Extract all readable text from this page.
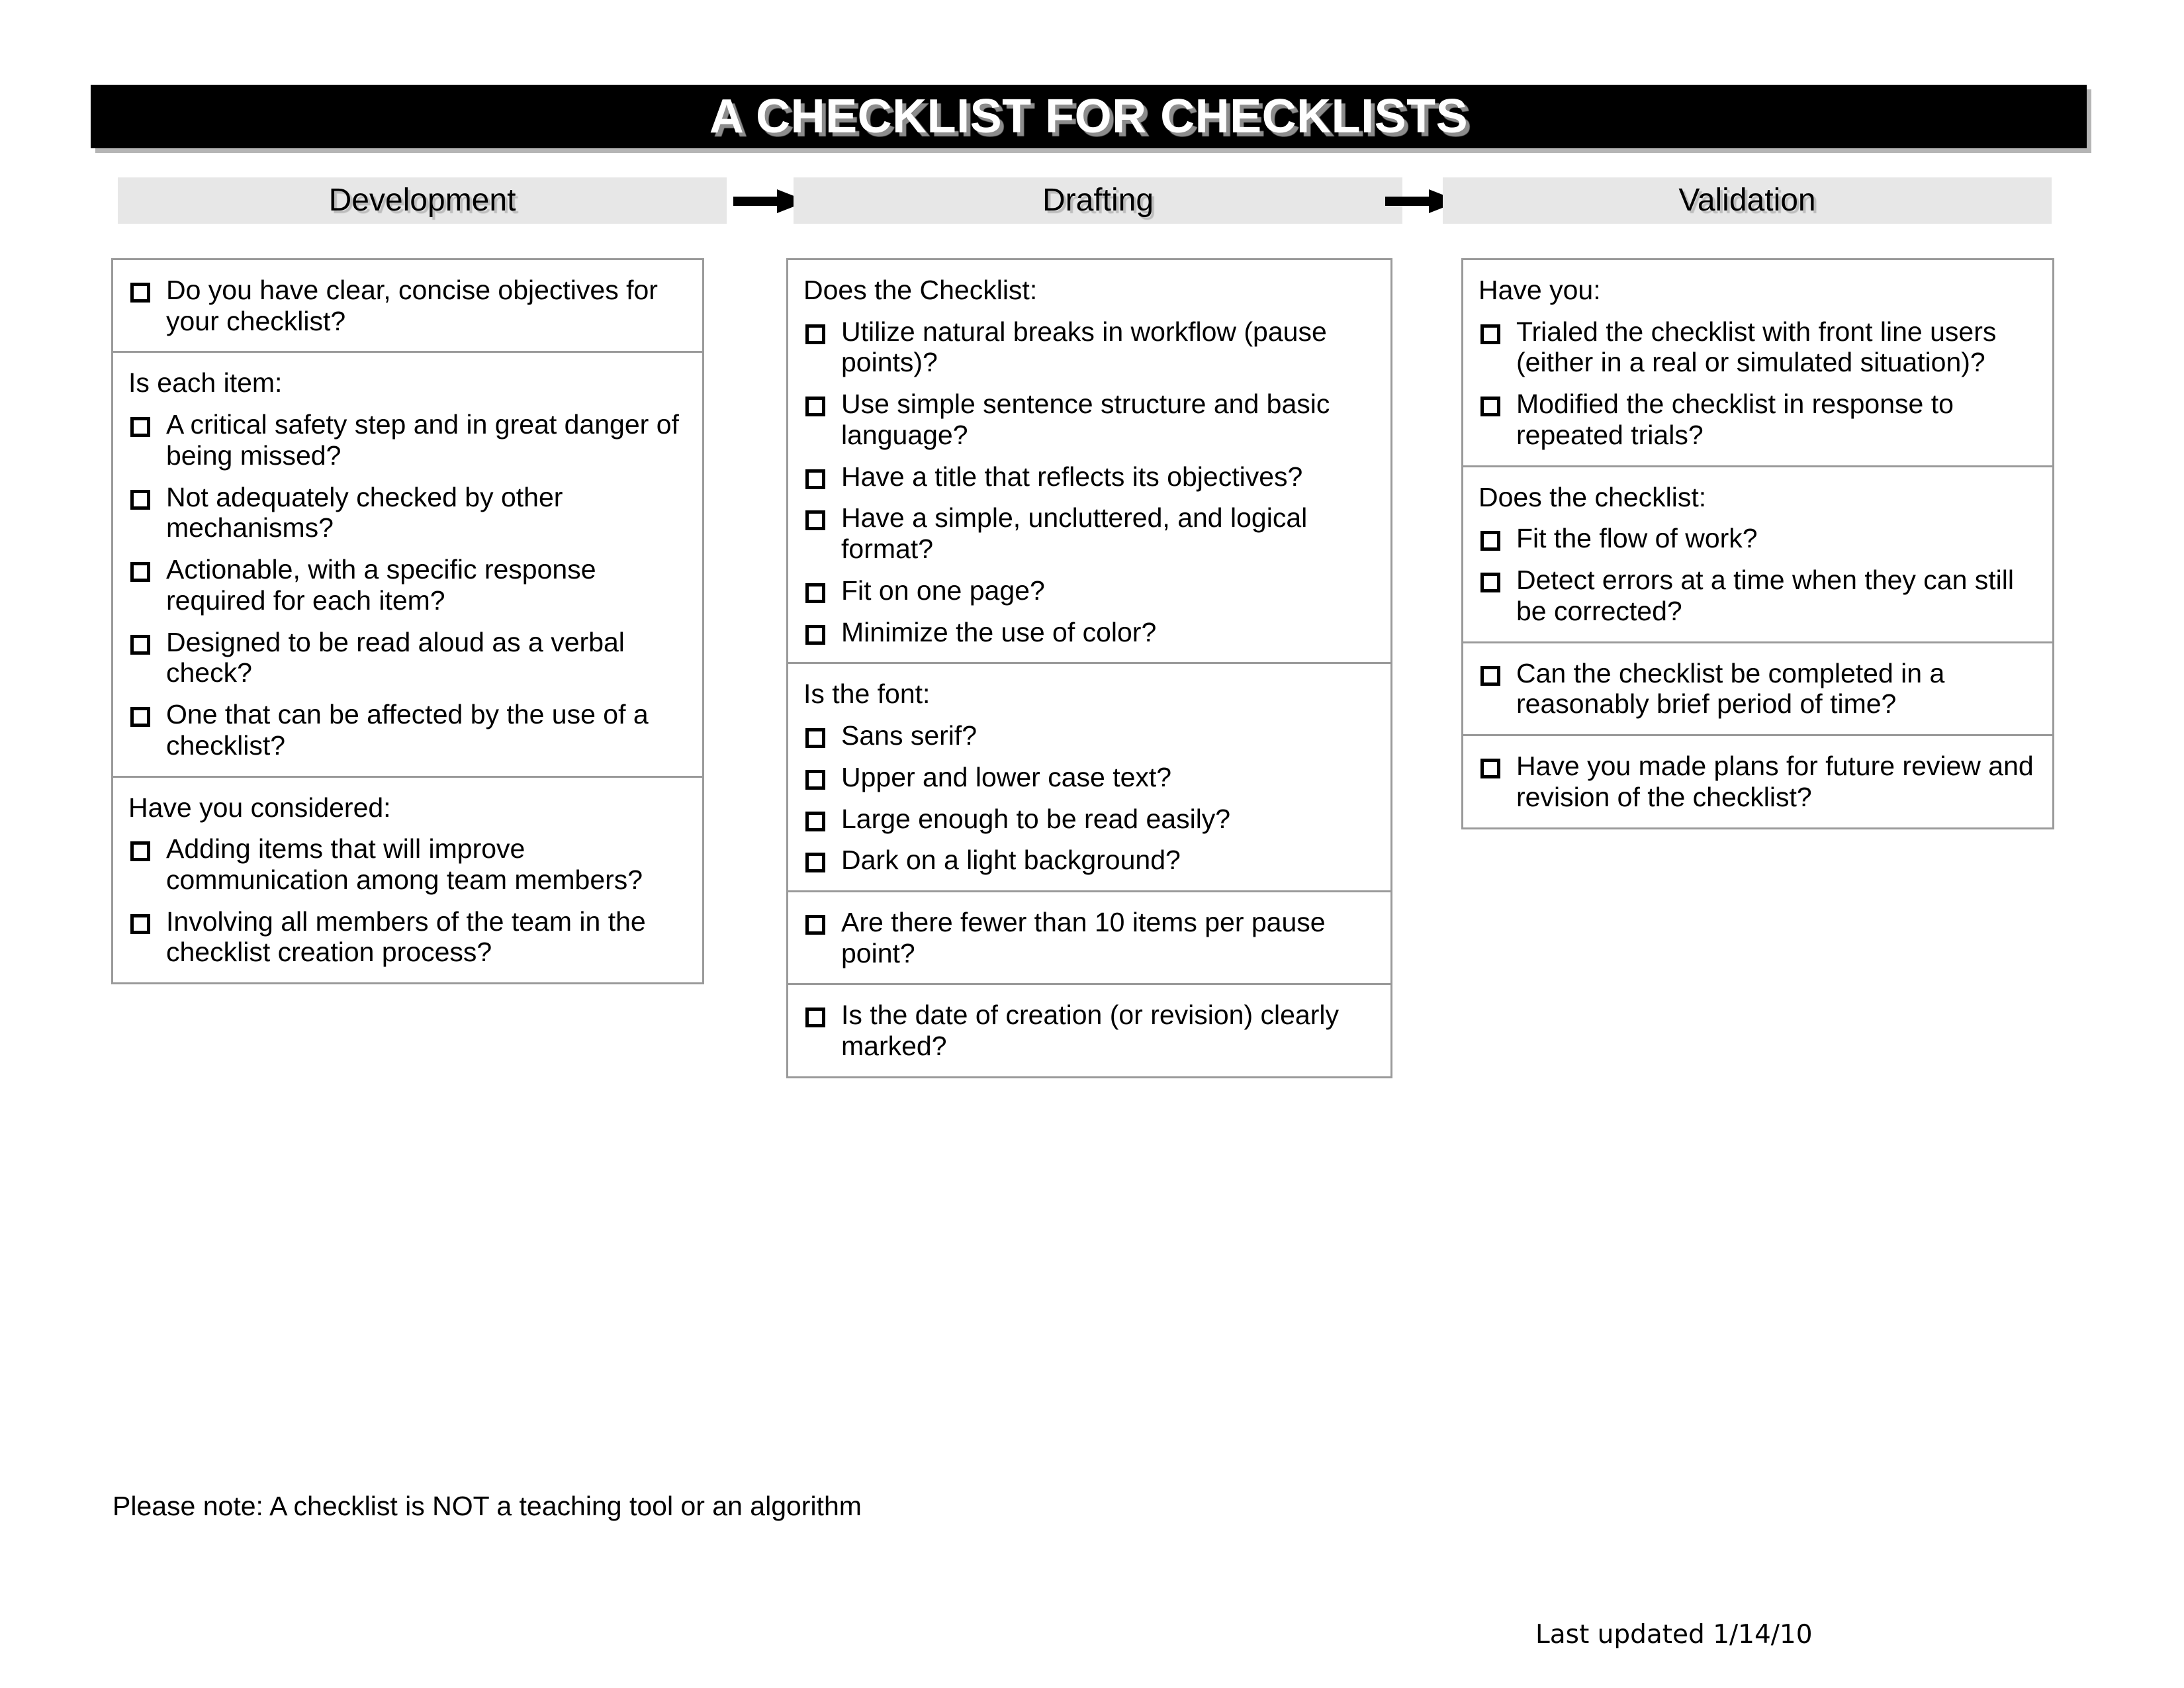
A CHECKLIST FOR CHECKLISTS
Development	Drafting	Validation
Do you have clear, concise objectives for your checklist?
Is each item:
A critical safety step and in great danger of being missed?
Not adequately checked by other mechanisms?
Actionable, with a specific response required for each item?
Designed to be read aloud as a verbal check?
One that can be affected by the use of a checklist?
Have you considered:
Adding items that will improve communication among team members?
Involving all members of the team in the checklist creation process?
Does the Checklist:
Utilize natural breaks in workflow (pause points)?
Use simple sentence structure and basic language?
Have a title that reflects its objectives?
Have a simple, uncluttered, and logical format?
Fit on one page?
Minimize the use of color?
Is the font:
Sans serif?
Upper and lower case text?
Large enough to be read easily?
Dark on a light background?
Are there fewer than 10 items per pause point?
Is the date of creation (or revision) clearly marked?
Have you:
Trialed the checklist with front line users (either in a real or simulated situation)?
Modified the checklist in response to repeated trials?
Does the checklist:
Fit the flow of work?
Detect errors at a time when they can still be corrected?
Can the checklist be completed in a reasonably brief period of time?
Have you made plans for future review and revision of the checklist?
Please note: A checklist is NOT a teaching tool or an algorithm
Last updated 1/14/10
